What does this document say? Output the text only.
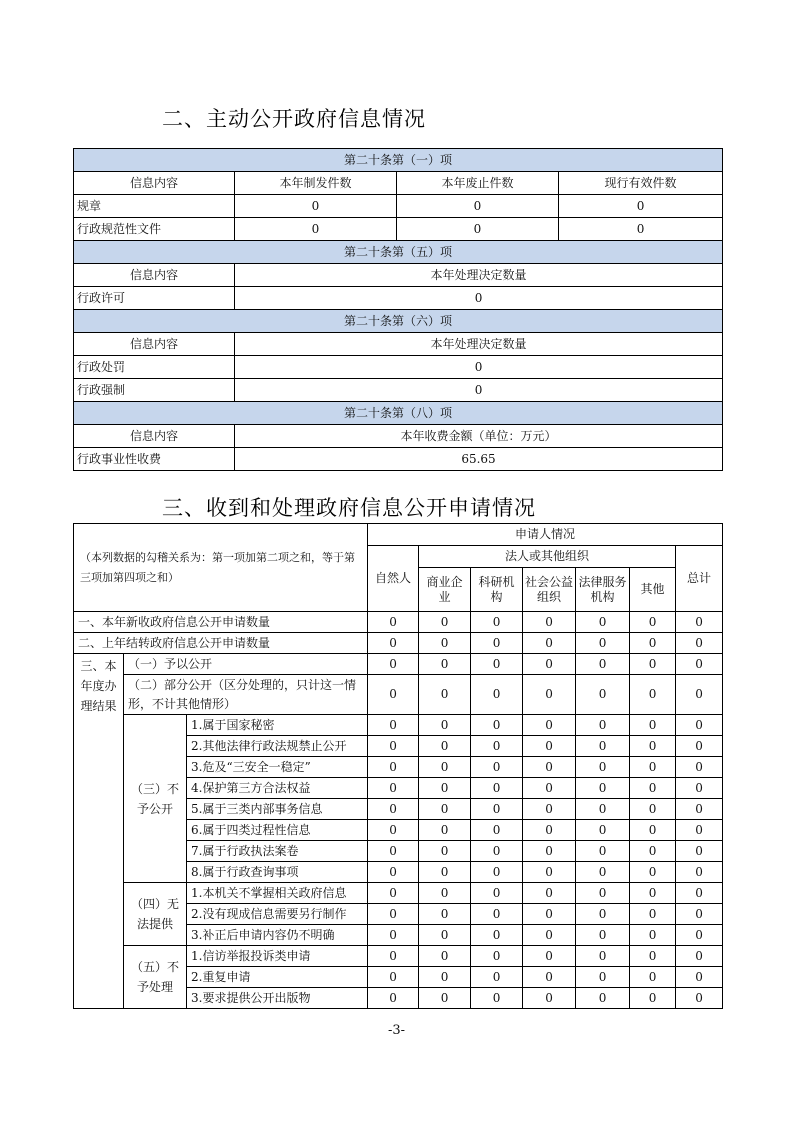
二、主动公开政府信息情况
第二十条第（一）项			
信息内容	本年制发件数	本年废止件数	现行有效件数
规章	0	0	0
行政规范性文件	0	0	0
第二十条第（五）项			
信息内容	本年处理决定数量		
行政许可	0		
第二十条第（六）项			
信息内容	本年处理决定数量		
行政处罚	0		
行政强制	0		
第二十条第（八）项			
信息内容	本年收费金额（单位：万元）		
行政事业性收费	65.65		
三、收到和处理政府信息公开申请情况
（本列数据的勾稽关系为：第一项加第二项之和，等于第三项加第四项之和）			申请人情况						
			自然人	法人或其他组织					总计
				商业企业	科研机构	社会公益组织	法律服务机构	其他	
一、本年新收政府信息公开申请数量			0	0	0	0	0	0	0
二、上年结转政府信息公开申请数量			0	0	0	0	0	0	0
三、本年度办理结果	（一）予以公开		0	0	0	0	0	0	0
	（二）部分公开（区分处理的，只计这一情形，不计其他情形）		0	0	0	0	0	0	0
	（三）不予公开	1.属于国家秘密	0	0	0	0	0	0	0
		2.其他法律行政法规禁止公开	0	0	0	0	0	0	0
		3.危及“三安全一稳定”	0	0	0	0	0	0	0
		4.保护第三方合法权益	0	0	0	0	0	0	0
		5.属于三类内部事务信息	0	0	0	0	0	0	0
		6.属于四类过程性信息	0	0	0	0	0	0	0
		7.属于行政执法案卷	0	0	0	0	0	0	0
		8.属于行政查询事项	0	0	0	0	0	0	0
	（四）无法提供	1.本机关不掌握相关政府信息	0	0	0	0	0	0	0
		2.没有现成信息需要另行制作	0	0	0	0	0	0	0
		3.补正后申请内容仍不明确	0	0	0	0	0	0	0
	（五）不予处理	1.信访举报投诉类申请	0	0	0	0	0	0	0
		2.重复申请	0	0	0	0	0	0	0
		3.要求提供公开出版物	0	0	0	0	0	0	0
-3-
